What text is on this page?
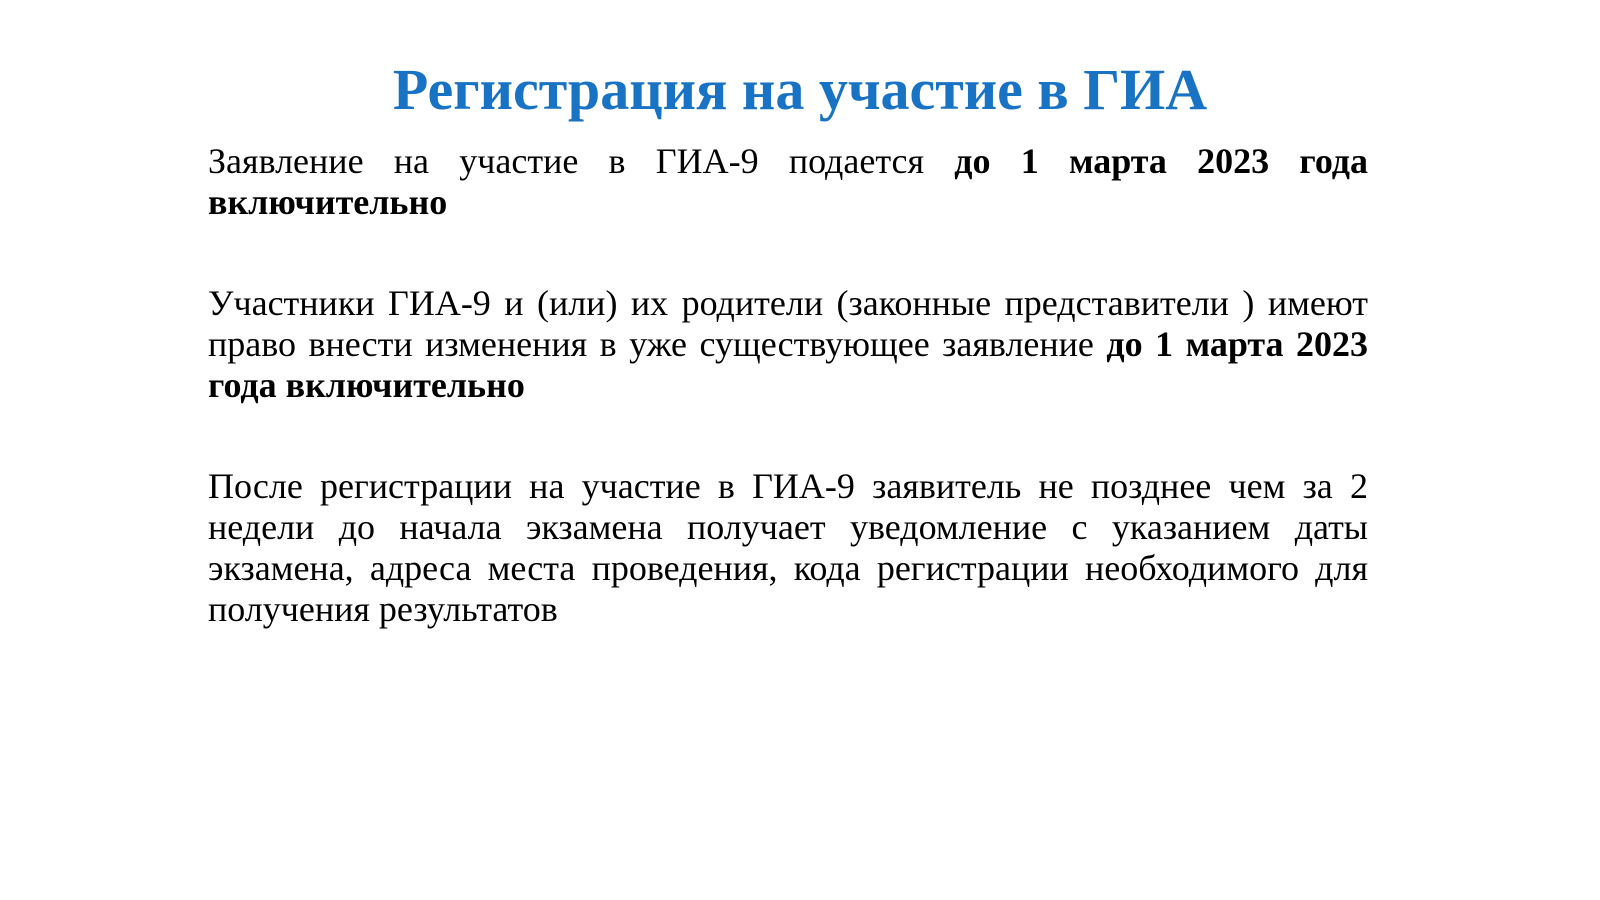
Регистрация на участие в ГИА

Заявление на участие в ГИА-9 подается до 1 марта 2023 года включительно

Участники ГИА-9 и (или) их родители (законные представители ) имеют право внести изменения в уже существующее заявление до 1 марта 2023 года включительно

После регистрации на участие в ГИА-9 заявитель не позднее чем за 2 недели до начала экзамена получает уведомление с указанием даты экзамена, адреса места проведения, кода регистрации необходимого для получения результатов
